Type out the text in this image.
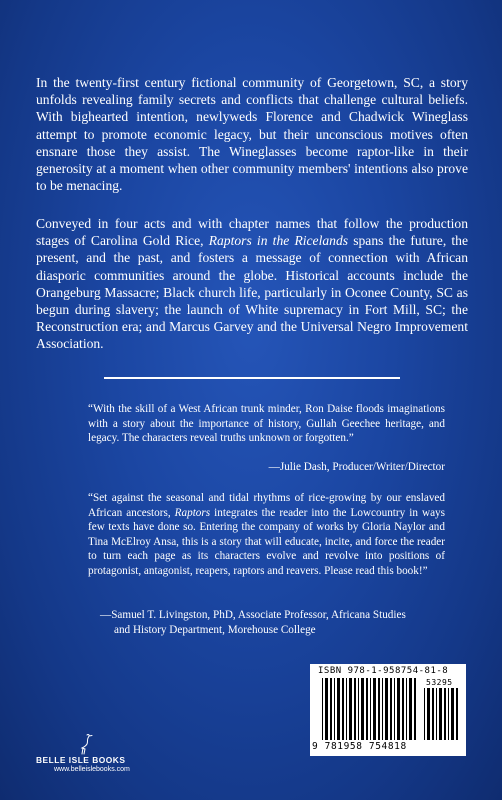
In the twenty-first century fictional community of Georgetown, SC, a story unfolds revealing family secrets and conflicts that challenge cultural beliefs. With bighearted intention, newlyweds Florence and Chadwick Wineglass attempt to promote economic legacy, but their unconscious motives often ensnare those they assist. The Wineglasses become raptor-like in their generosity at a moment when other community members' intentions also prove to be menacing.

Conveyed in four acts and with chapter names that follow the production stages of Carolina Gold Rice, Raptors in the Ricelands spans the future, the present, and the past, and fosters a message of connection with African diasporic communities around the globe. Historical accounts include the Orangeburg Massacre; Black church life, particularly in Oconee County, SC as begun during slavery; the launch of White supremacy in Fort Mill, SC; the Reconstruction era; and Marcus Garvey and the Universal Negro Improvement Association.

“With the skill of a West African trunk minder, Ron Daise floods imaginations with a story about the importance of history, Gullah Geechee heritage, and legacy. The characters reveal truths unknown or forgotten.”

—Julie Dash, Producer/Writer/Director

“Set against the seasonal and tidal rhythms of rice-growing by our enslaved African ancestors, Raptors integrates the reader into the Lowcountry in ways few texts have done so. Entering the company of works by Gloria Naylor and Tina McElroy Ansa, this is a story that will educate, incite, and force the reader to turn each page as its characters evolve and revolve into positions of protagonist, antagonist, reapers, raptors and reavers. Please read this book!”

—Samuel T. Livingston, PhD, Associate Professor, Africana Studies
and History Department, Morehouse College

BELLE ISLE BOOKS
www.belleislebooks.com
ISBN 978-1-958754-81-8
53295
9 781958 754818
